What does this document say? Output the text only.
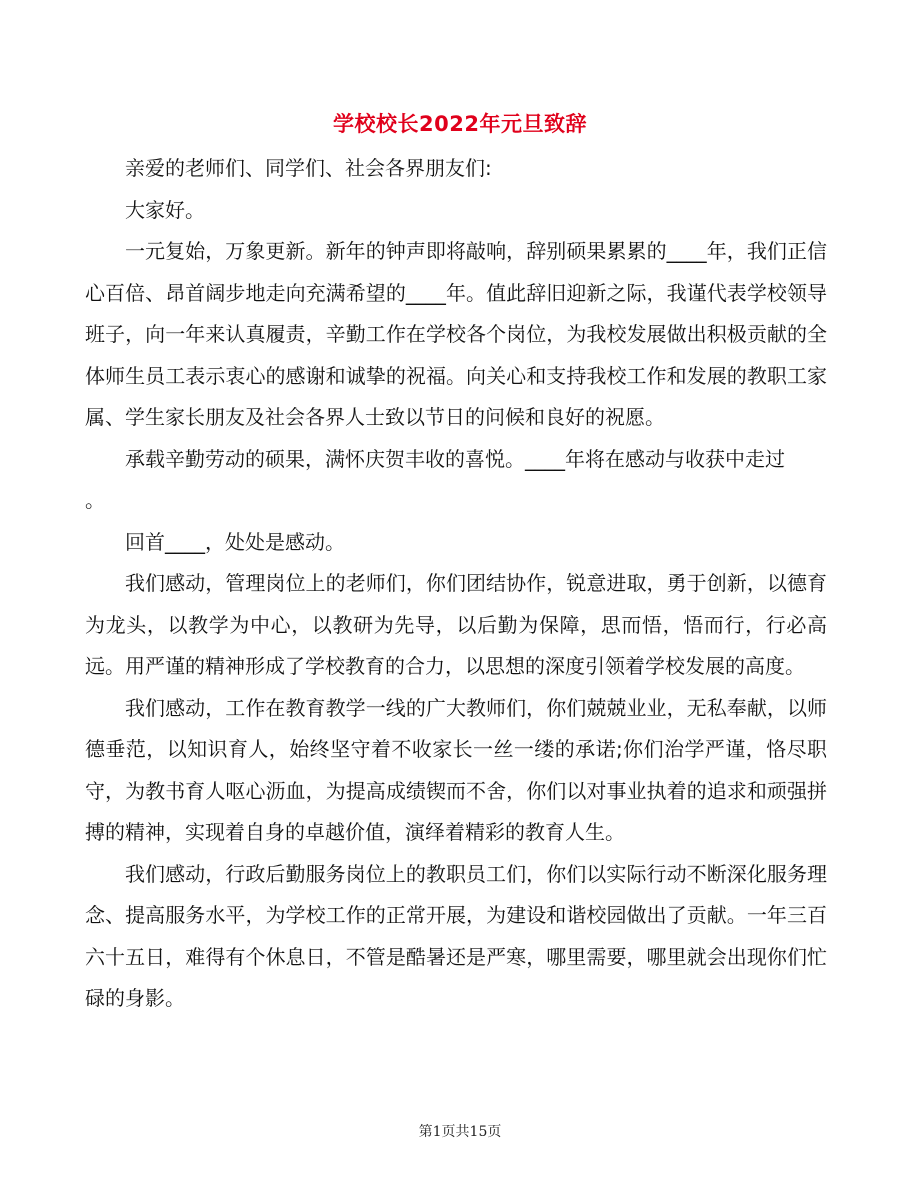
学校校长2022年元旦致辞

亲爱的老师们、同学们、社会各界朋友们:

大家好。

一元复始，万象更新。新年的钟声即将敲响，辞别硕果累累的____年，我们正信心百倍、昂首阔步地走向充满希望的____年。值此辞旧迎新之际，我谨代表学校领导班子，向一年来认真履责，辛勤工作在学校各个岗位，为我校发展做出积极贡献的全体师生员工表示衷心的感谢和诚挚的祝福。向关心和支持我校工作和发展的教职工家属、学生家长朋友及社会各界人士致以节日的问候和良好的祝愿。

承载辛勤劳动的硕果，满怀庆贺丰收的喜悦。____年将在感动与收获中走过

。

回首____，处处是感动。

我们感动，管理岗位上的老师们，你们团结协作，锐意进取，勇于创新，以德育为龙头，以教学为中心，以教研为先导，以后勤为保障，思而悟，悟而行，行必高远。用严谨的精神形成了学校教育的合力，以思想的深度引领着学校发展的高度。

我们感动，工作在教育教学一线的广大教师们，你们兢兢业业，无私奉献，以师德垂范，以知识育人，始终坚守着不收家长一丝一缕的承诺;你们治学严谨，恪尽职守，为教书育人呕心沥血，为提高成绩锲而不舍，你们以对事业执着的追求和顽强拼搏的精神，实现着自身的卓越价值，演绎着精彩的教育人生。

我们感动，行政后勤服务岗位上的教职员工们，你们以实际行动不断深化服务理念、提高服务水平，为学校工作的正常开展，为建设和谐校园做出了贡献。一年三百六十五日，难得有个休息日，不管是酷暑还是严寒，哪里需要，哪里就会出现你们忙碌的身影。

第1页共15页
